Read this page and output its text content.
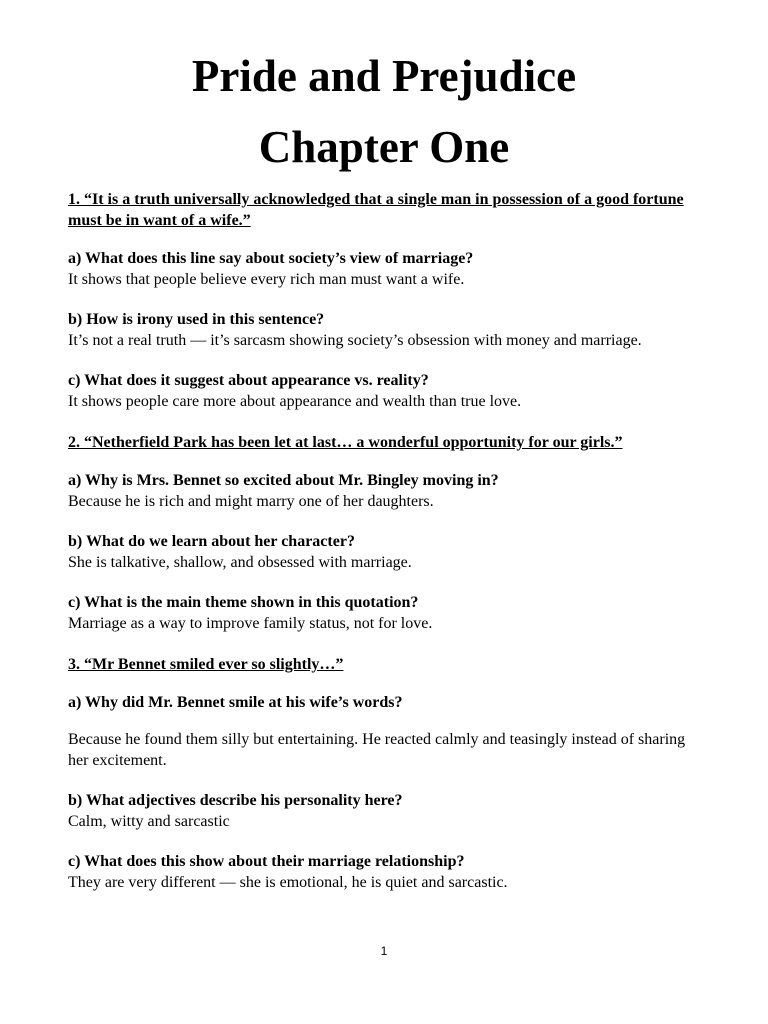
Pride and Prejudice
Chapter One

1. “It is a truth universally acknowledged that a single man in possession of a good fortune must be in want of a wife.”

a) What does this line say about society’s view of marriage?

It shows that people believe every rich man must want a wife.

b) How is irony used in this sentence?

It’s not a real truth — it’s sarcasm showing society’s obsession with money and marriage.

c) What does it suggest about appearance vs. reality?

It shows people care more about appearance and wealth than true love.

2. “Netherfield Park has been let at last… a wonderful opportunity for our girls.”

a) Why is Mrs. Bennet so excited about Mr. Bingley moving in?

Because he is rich and might marry one of her daughters.

b) What do we learn about her character?

She is talkative, shallow, and obsessed with marriage.

c) What is the main theme shown in this quotation?

Marriage as a way to improve family status, not for love.

3. “Mr Bennet smiled ever so slightly…”

a) Why did Mr. Bennet smile at his wife’s words?

Because he found them silly but entertaining. He reacted calmly and teasingly instead of sharing her excitement.

b) What adjectives describe his personality here?

Calm, witty and sarcastic

c) What does this show about their marriage relationship?

They are very different — she is emotional, he is quiet and sarcastic.

1
